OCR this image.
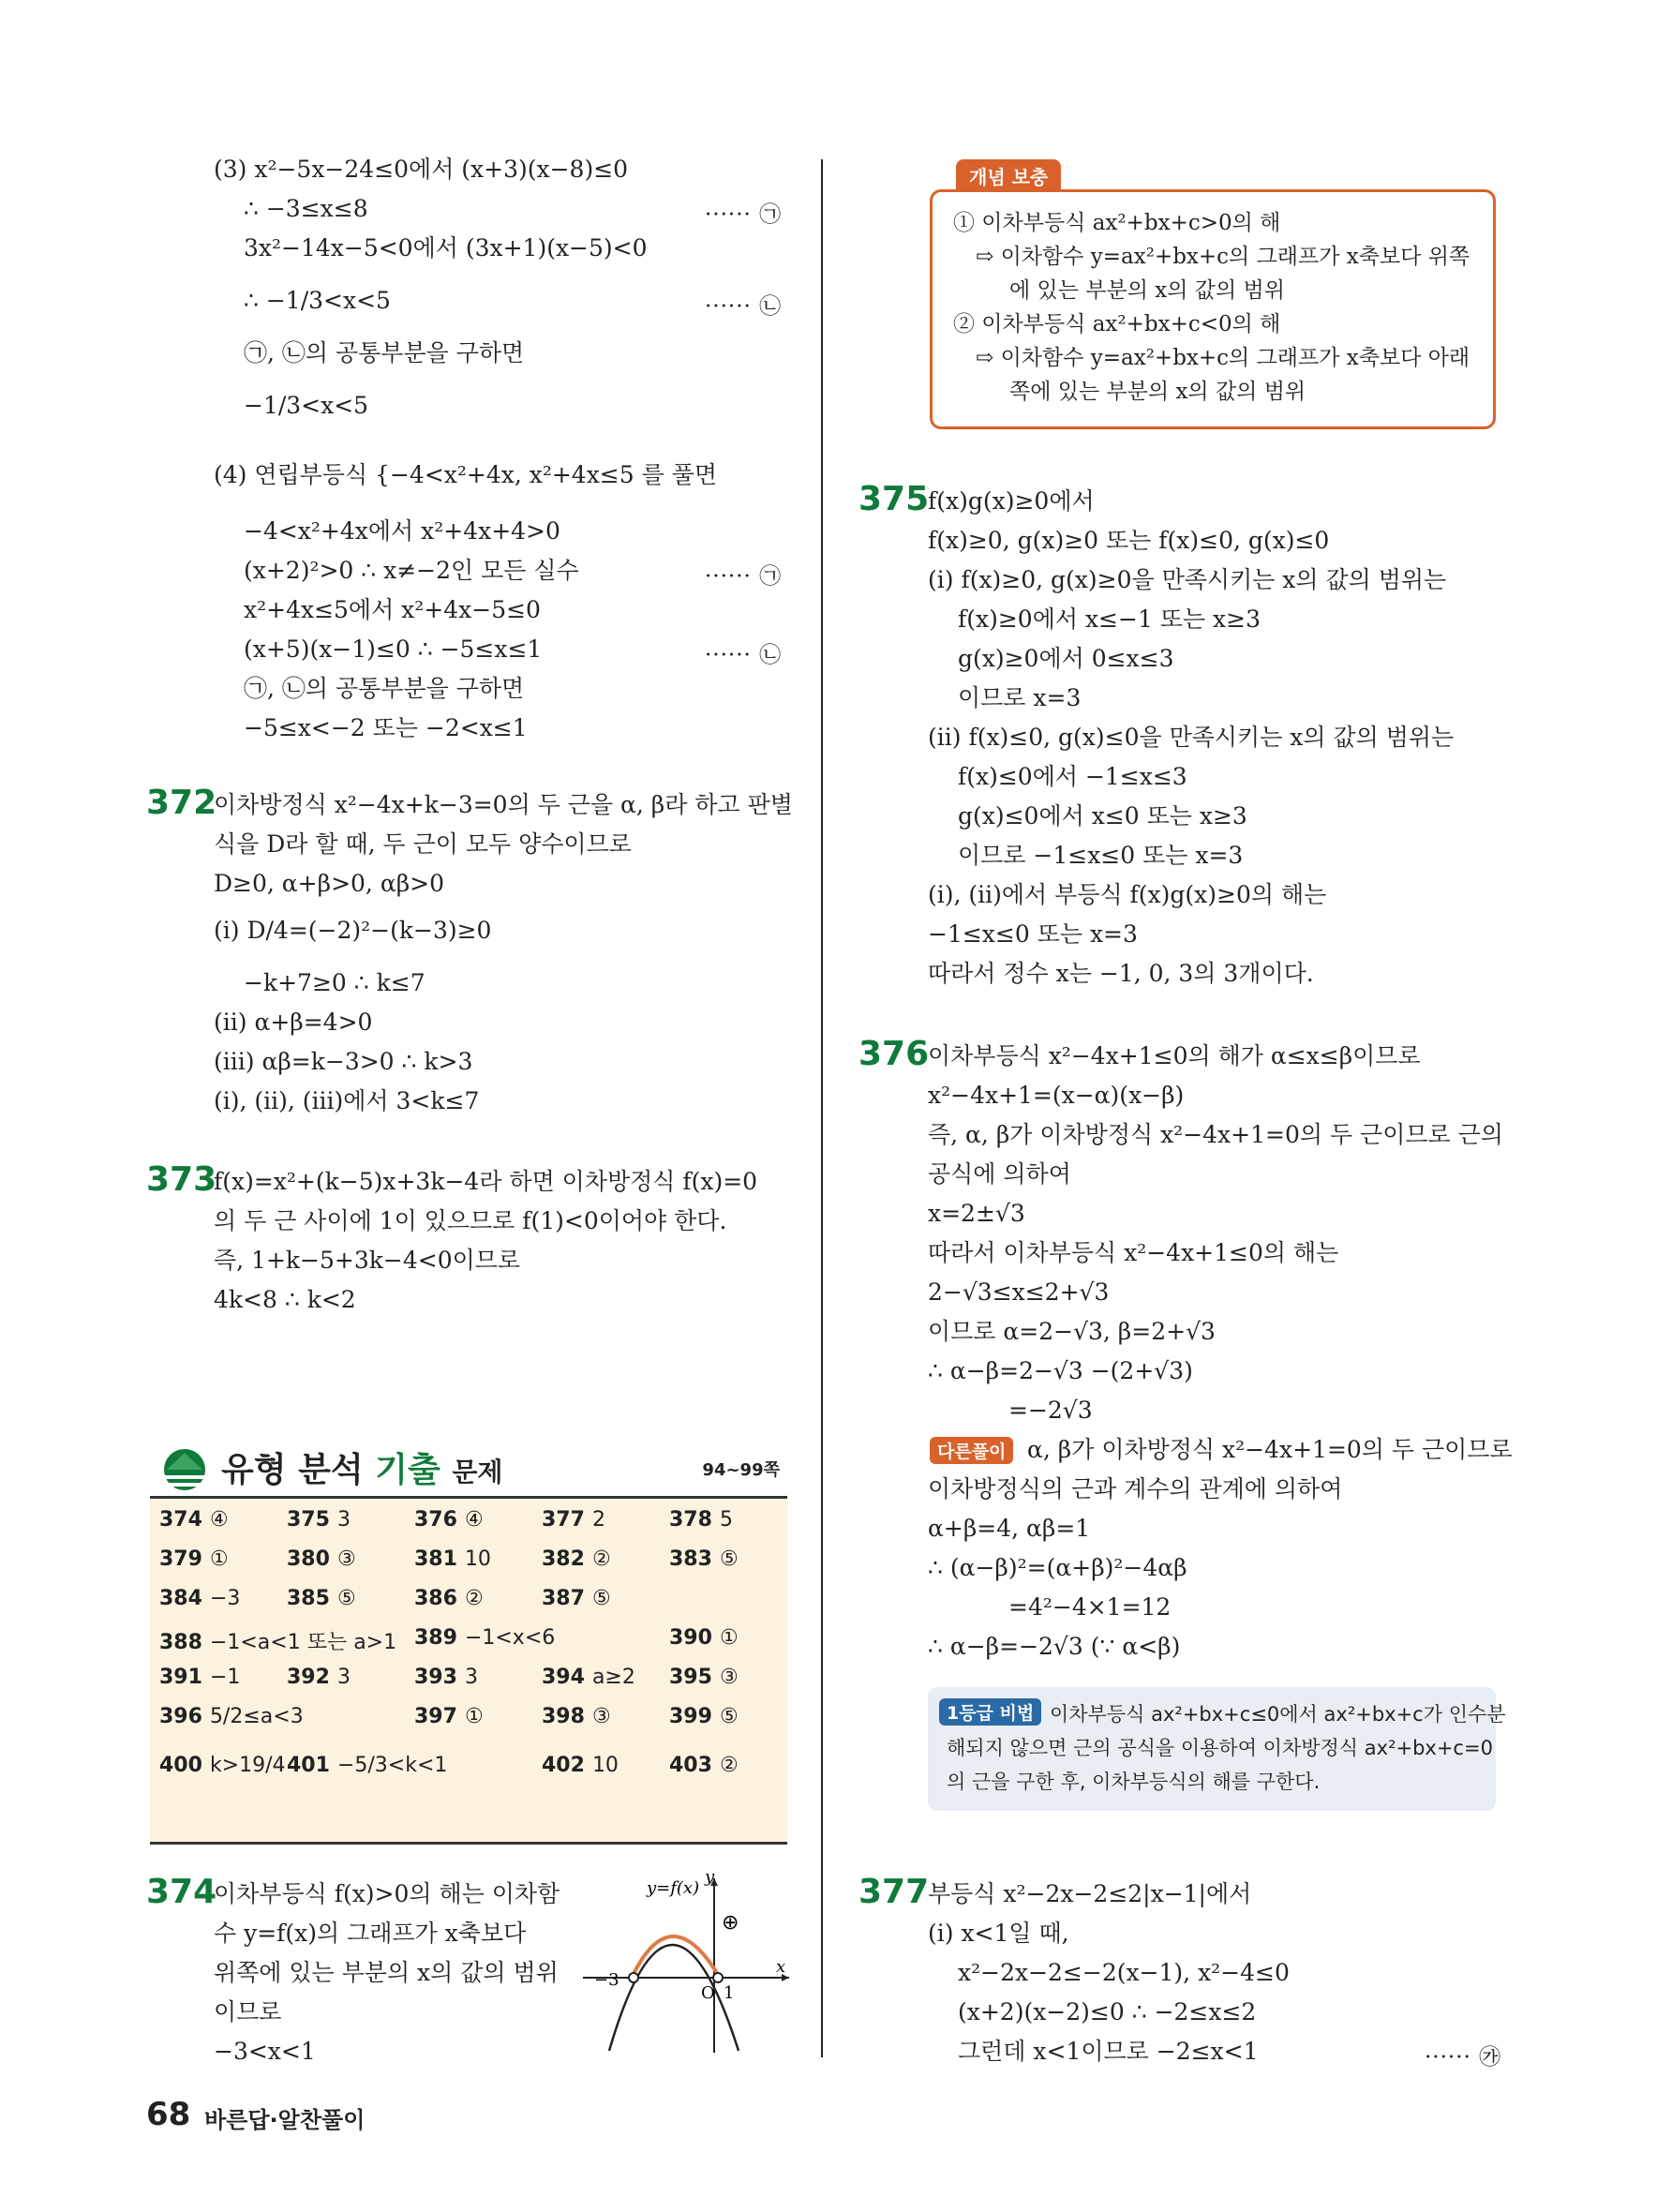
(3) x²−5x−24≤0에서 (x+3)(x−8)≤0
∴ −3≤x≤8	······ ㉠
3x²−14x−5<0에서 (3x+1)(x−5)<0
∴ −1/3<x<5	······ ㉡
㉠, ㉡의 공통부분을 구하면
−1/3<x<5
(4) 연립부등식 {−4<x²+4x, x²+4x≤5 를 풀면
−4<x²+4x에서 x²+4x+4>0
(x+2)²>0 ∴ x≠−2인 모든 실수	······ ㉠
x²+4x≤5에서 x²+4x−5≤0
(x+5)(x−1)≤0 ∴ −5≤x≤1	······ ㉡
㉠, ㉡의 공통부분을 구하면
−5≤x<−2 또는 −2<x≤1
372
이차방정식 x²−4x+k−3=0의 두 근을 α, β라 하고 판별
식을 D라 할 때, 두 근이 모두 양수이므로
D≥0, α+β>0, αβ>0
(i) D/4=(−2)²−(k−3)≥0
−k+7≥0 ∴ k≤7
(ii) α+β=4>0
(iii) αβ=k−3>0 ∴ k>3
(i), (ii), (iii)에서 3<k≤7
373
f(x)=x²+(k−5)x+3k−4라 하면 이차방정식 f(x)=0
의 두 근 사이에 1이 있으므로 f(1)<0이어야 한다.
즉, 1+k−5+3k−4<0이므로
4k<8 ∴ k<2
유형 분석 기출 문제	94~99쪽
374 ④	375 3	376 ④	377 2	378 5
379 ①	380 ③	381 10 382 ②	383 ⑤
384 −3 385 ⑤	386 ②	387 ⑤
388 −1<a<1 또는 a>1 389 −1<x<6	390 ①
391 −1 392 3	393 3	394 a≥2 395 ③
396 5/2≤a<3	397 ①	398 ③	399 ⑤
400 k>19/4 401 −5/3<k<1	402 10 403 ②
374
이차부등식 f(x)>0의 해는 이차함
수 y=f(x)의 그래프가 x축보다
위쪽에 있는 부분의 x의 값의 범위
이므로
−3<x<1
y=f(x)
y
x
O
−3
1
⊕
개념 보충
① 이차부등식 ax²+bx+c>0의 해
⇨ 이차함수 y=ax²+bx+c의 그래프가 x축보다 위쪽
에 있는 부분의 x의 값의 범위
② 이차부등식 ax²+bx+c<0의 해
⇨ 이차함수 y=ax²+bx+c의 그래프가 x축보다 아래
쪽에 있는 부분의 x의 값의 범위
375
f(x)g(x)≥0에서
f(x)≥0, g(x)≥0 또는 f(x)≤0, g(x)≤0
(i) f(x)≥0, g(x)≥0을 만족시키는 x의 값의 범위는
f(x)≥0에서 x≤−1 또는 x≥3
g(x)≥0에서 0≤x≤3
이므로 x=3
(ii) f(x)≤0, g(x)≤0을 만족시키는 x의 값의 범위는
f(x)≤0에서 −1≤x≤3
g(x)≤0에서 x≤0 또는 x≥3
이므로 −1≤x≤0 또는 x=3
(i), (ii)에서 부등식 f(x)g(x)≥0의 해는
−1≤x≤0 또는 x=3
따라서 정수 x는 −1, 0, 3의 3개이다.
376
이차부등식 x²−4x+1≤0의 해가 α≤x≤β이므로
x²−4x+1=(x−α)(x−β)
즉, α, β가 이차방정식 x²−4x+1=0의 두 근이므로 근의
공식에 의하여
x=2±√3
따라서 이차부등식 x²−4x+1≤0의 해는
2−√3≤x≤2+√3
이므로 α=2−√3, β=2+√3
∴ α−β=2−√3 −(2+√3)
=−2√3
다른풀이 α, β가 이차방정식 x²−4x+1=0의 두 근이므로
이차방정식의 근과 계수의 관계에 의하여
α+β=4, αβ=1
∴ (α−β)²=(α+β)²−4αβ
=4²−4×1=12
∴ α−β=−2√3 (∵ α<β)
1등급 비법 이차부등식 ax²+bx+c≤0에서 ax²+bx+c가 인수분
해되지 않으면 근의 공식을 이용하여 이차방정식 ax²+bx+c=0
의 근을 구한 후, 이차부등식의 해를 구한다.
377
부등식 x²−2x−2≤2|x−1|에서
(i) x<1일 때,
x²−2x−2≤−2(x−1), x²−4≤0
(x+2)(x−2)≤0 ∴ −2≤x≤2
그런데 x<1이므로 −2≤x<1	······ ㉮
68 바른답·알찬풀이
